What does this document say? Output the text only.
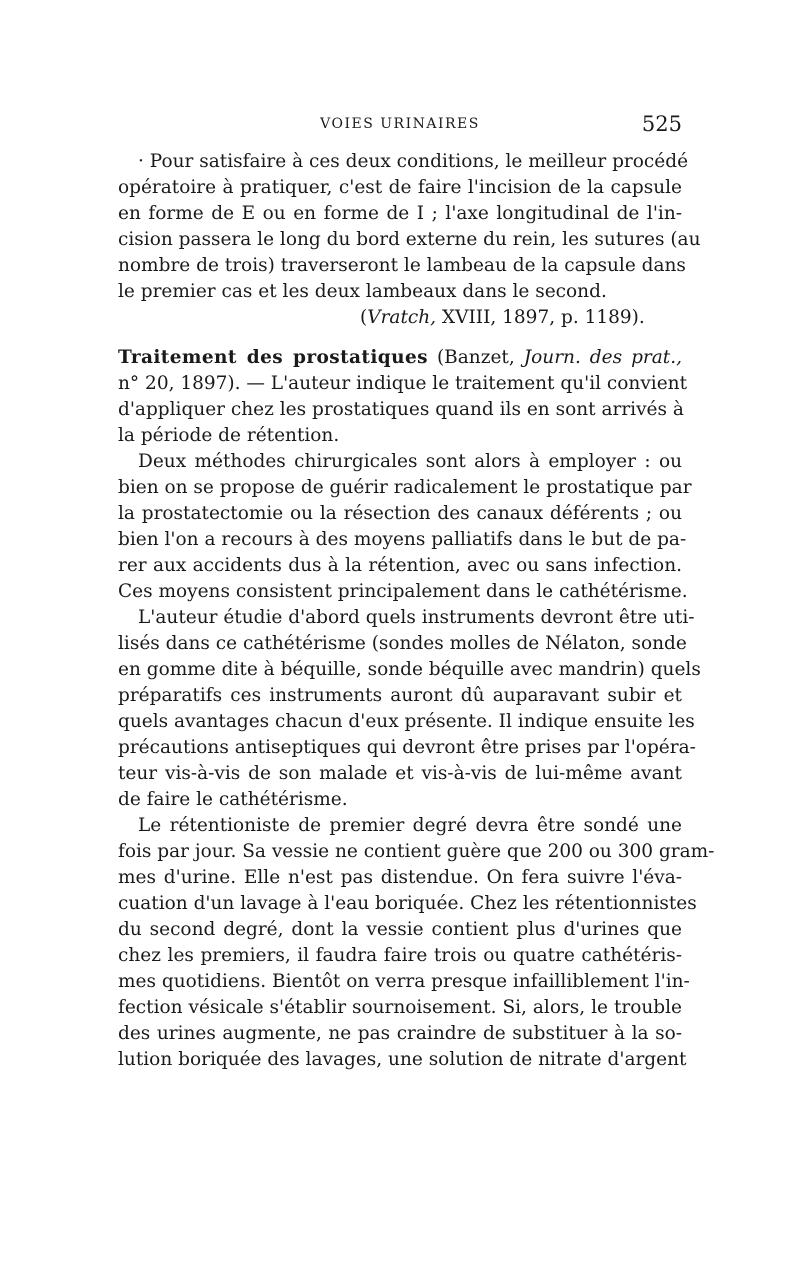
VOIES URINAIRES	525
· Pour satisfaire à ces deux conditions, le meilleur procédé
opératoire à pratiquer, c'est de faire l'incision de la capsule
en forme de E ou en forme de I ; l'axe longitudinal de l'in-
cision passera le long du bord externe du rein, les sutures (au
nombre de trois) traverseront le lambeau de la capsule dans
le premier cas et les deux lambeaux dans le second.
(Vratch, XVIII, 1897, p. 1189).
Traitement des prostatiques (Banzet, Journ. des prat.,
n° 20, 1897). — L'auteur indique le traitement qu'il convient
d'appliquer chez les prostatiques quand ils en sont arrivés à
la période de rétention.
Deux méthodes chirurgicales sont alors à employer : ou
bien on se propose de guérir radicalement le prostatique par
la prostatectomie ou la résection des canaux déférents ; ou
bien l'on a recours à des moyens palliatifs dans le but de pa-
rer aux accidents dus à la rétention, avec ou sans infection.
Ces moyens consistent principalement dans le cathétérisme.
L'auteur étudie d'abord quels instruments devront être uti-
lisés dans ce cathétérisme (sondes molles de Nélaton, sonde
en gomme dite à béquille, sonde béquille avec mandrin) quels
préparatifs ces instruments auront dû auparavant subir et
quels avantages chacun d'eux présente. Il indique ensuite les
précautions antiseptiques qui devront être prises par l'opéra-
teur vis-à-vis de son malade et vis-à-vis de lui-même avant
de faire le cathétérisme.
Le rétentioniste de premier degré devra être sondé une
fois par jour. Sa vessie ne contient guère que 200 ou 300 gram-
mes d'urine. Elle n'est pas distendue. On fera suivre l'éva-
cuation d'un lavage à l'eau boriquée. Chez les rétentionnistes
du second degré, dont la vessie contient plus d'urines que
chez les premiers, il faudra faire trois ou quatre cathétéris-
mes quotidiens. Bientôt on verra presque infailliblement l'in-
fection vésicale s'établir sournoisement. Si, alors, le trouble
des urines augmente, ne pas craindre de substituer à la so-
lution boriquée des lavages, une solution de nitrate d'argent
